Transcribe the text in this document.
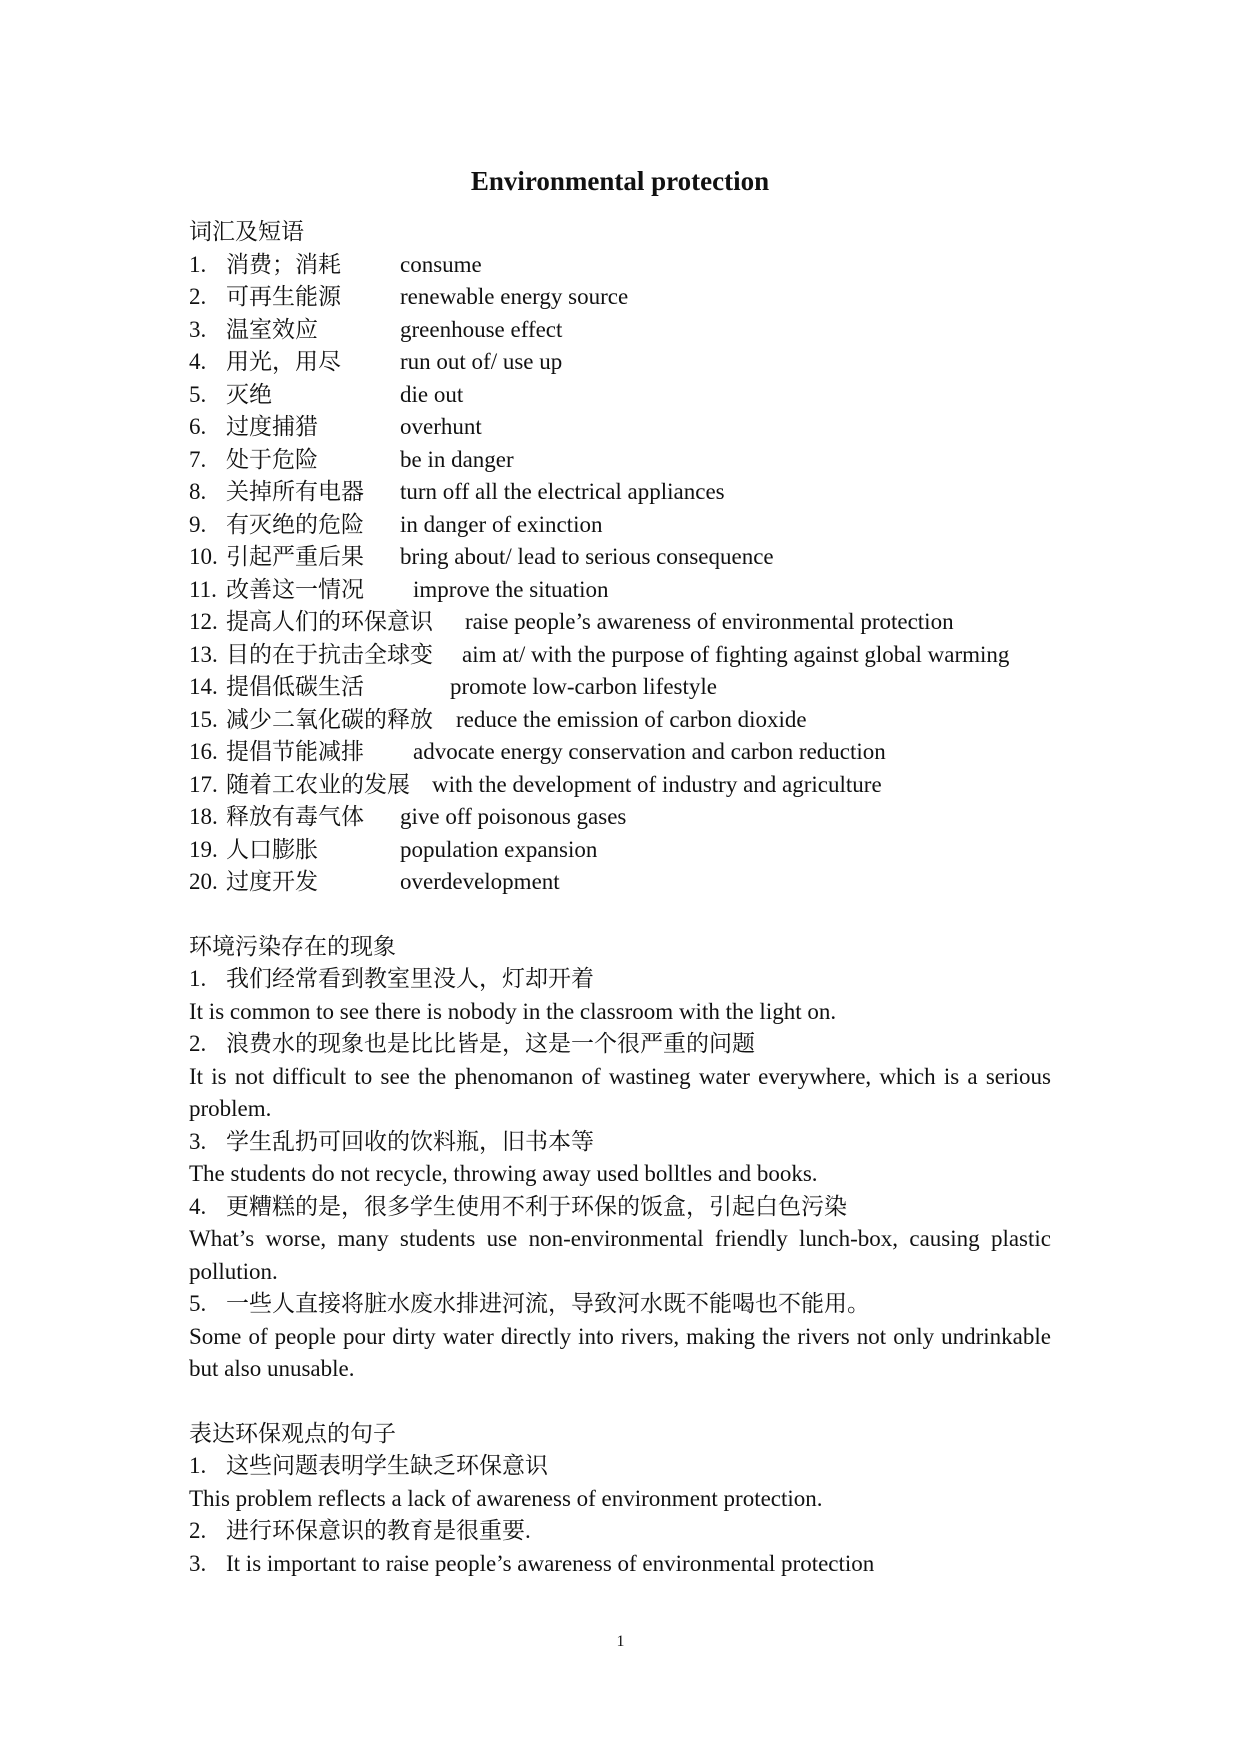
Environmental protection
词汇及短语
1. 消费；消耗	consume
2. 可再生能源	renewable energy source
3. 温室效应	greenhouse effect
4. 用光，用尽	run out of/ use up
5. 灭绝	die out
6. 过度捕猎	overhunt
7. 处于危险	be in danger
8. 关掉所有电器	turn off all the electrical appliances
9. 有灭绝的危险	in danger of exinction
10. 引起严重后果	bring about/ lead to serious consequence
11. 改善这一情况	improve the situation
12. 提高人们的环保意识	raise people’s awareness of environmental protection
13. 目的在于抗击全球变	aim at/ with the purpose of fighting against global warming
14. 提倡低碳生活	promote low-carbon lifestyle
15. 减少二氧化碳的释放	reduce the emission of carbon dioxide
16. 提倡节能减排	advocate energy conservation and carbon reduction
17. 随着工农业的发展 with the development of industry and agriculture
18. 释放有毒气体	give off poisonous gases
19. 人口膨胀	population expansion
20. 过度开发	overdevelopment
环境污染存在的现象
1. 我们经常看到教室里没人，灯却开着
It is common to see there is nobody in the classroom with the light on.
2. 浪费水的现象也是比比皆是，这是一个很严重的问题
It is not difficult to see the phenomanon of wastineg water everywhere, which is a serious problem.
3. 学生乱扔可回收的饮料瓶，旧书本等
The students do not recycle, throwing away used bolltles and books.
4. 更糟糕的是，很多学生使用不利于环保的饭盒，引起白色污染
What’s worse, many students use non-environmental friendly lunch-box, causing plastic pollution.
5. 一些人直接将脏水废水排进河流，导致河水既不能喝也不能用。
Some of people pour dirty water directly into rivers, making the rivers not only undrinkable but also unusable.
表达环保观点的句子
1. 这些问题表明学生缺乏环保意识
This problem reflects a lack of awareness of environment protection.
2. 进行环保意识的教育是很重要.
3. It is important to raise people’s awareness of environmental protection
1
